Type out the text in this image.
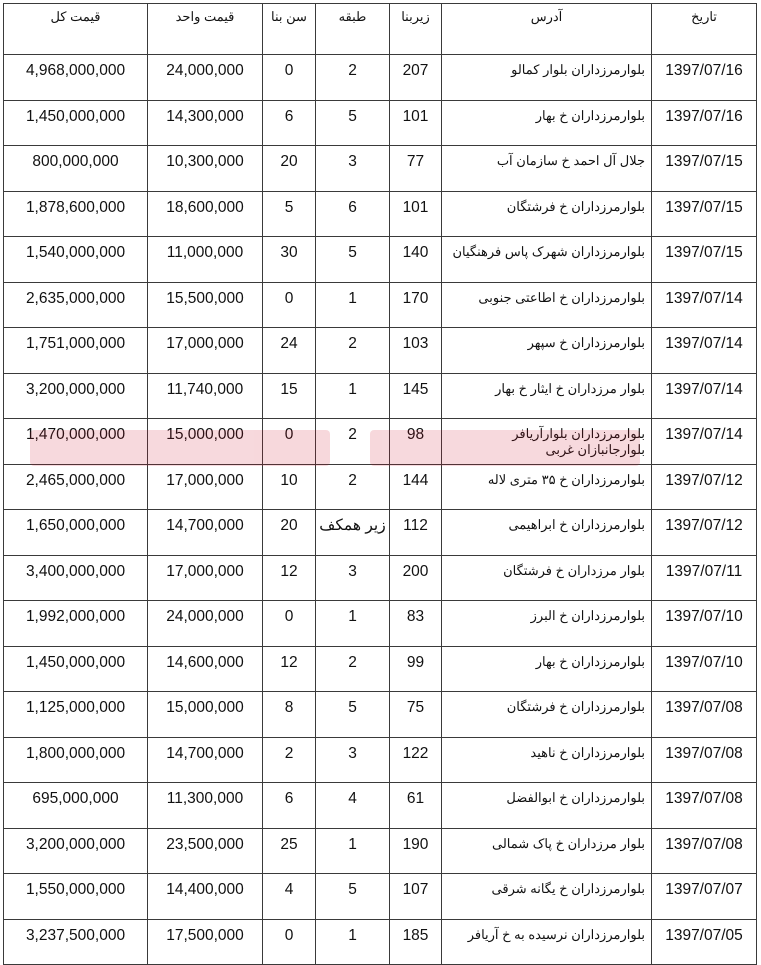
تاریخ	آدرس	زیربنا	طبقه	سن بنا	قیمت واحد	قیمت کل

1397/07/16	بلوارمرزداران بلوار کمالو	207	2	0	24,000,000	4,968,000,000

1397/07/16	بلوارمرزداران خ بهار	101	5	6	14,300,000	1,450,000,000

1397/07/15	جلال آل احمد خ سازمان آب	77	3	20	10,300,000	800,000,000

1397/07/15	بلوارمرزداران خ فرشتگان	101	6	5	18,600,000	1,878,600,000

1397/07/15	بلوارمرزداران شهرک پاس فرهنگیان	140	5	30	11,000,000	1,540,000,000

1397/07/14	بلوارمرزداران خ اطاعتی جنوبی	170	1	0	15,500,000	2,635,000,000

1397/07/14	بلوارمرزداران خ سپهر	103	2	24	17,000,000	1,751,000,000

1397/07/14	بلوار مرزداران خ ایثار خ بهار	145	1	15	11,740,000	3,200,000,000

1397/07/14	بلوارمرزداران بلوارآریافر بلوارجانبازان غربی	98	2	0	15,000,000	1,470,000,000

1397/07/12	بلوارمرزداران خ ۳۵ متری لاله	144	2	10	17,000,000	2,465,000,000

1397/07/12	بلوارمرزداران خ ابراهیمی	112	زیر همکف	20	14,700,000	1,650,000,000

1397/07/11	بلوار مرزداران خ فرشتگان	200	3	12	17,000,000	3,400,000,000

1397/07/10	بلوارمرزداران خ البرز	83	1	0	24,000,000	1,992,000,000

1397/07/10	بلوارمرزداران خ بهار	99	2	12	14,600,000	1,450,000,000

1397/07/08	بلوارمرزداران خ فرشتگان	75	5	8	15,000,000	1,125,000,000

1397/07/08	بلوارمرزداران خ ناهید	122	3	2	14,700,000	1,800,000,000

1397/07/08	بلوارمرزداران خ ابوالفضل	61	4	6	11,300,000	695,000,000

1397/07/08	بلوار مرزداران خ پاک شمالی	190	1	25	23,500,000	3,200,000,000

1397/07/07	بلوارمرزداران خ یگانه شرقی	107	5	4	14,400,000	1,550,000,000

1397/07/05	بلوارمرزداران نرسیده به خ آریافر	185	1	0	17,500,000	3,237,500,000
